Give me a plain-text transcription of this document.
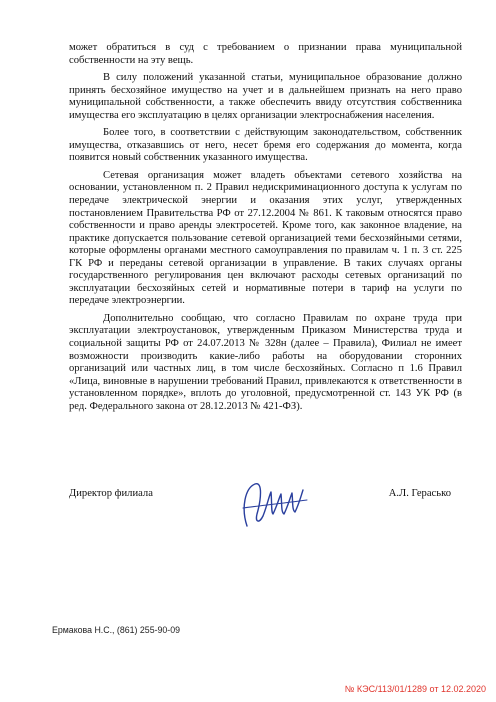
может обратиться в суд с требованием о признании права муниципальной собственности на эту вещь.

В силу положений указанной статьи, муниципальное образование должно принять бесхозяйное имущество на учет и в дальнейшем признать на него право муниципальной собственности, а также обеспечить ввиду отсутствия собственника имущества его эксплуатацию в целях организации электроснабжения населения.

Более того, в соответствии с действующим законодательством, собственник имущества, отказавшись от него, несет бремя его содержания до момента, когда появится новый собственник указанного имущества.

Сетевая организация может владеть объектами сетевого хозяйства на основании, установленном п. 2 Правил недискриминационного доступа к услугам по передаче электрической энергии и оказания этих услуг, утвержденных постановлением Правительства РФ от 27.12.2004 № 861. К таковым относятся право собственности и право аренды электросетей. Кроме того, как законное владение, на практике допускается пользование сетевой организацией теми бесхозяйными сетями, которые оформлены органами местного самоуправления по правилам ч. 1 п. 3 ст. 225 ГК РФ и переданы сетевой организации в управление. В таких случаях органы государственного регулирования цен включают расходы сетевых организаций по эксплуатации бесхозяйных сетей и нормативные потери в тариф на услуги по передаче электроэнергии.

Дополнительно сообщаю, что согласно Правилам по охране труда при эксплуатации электроустановок, утвержденным Приказом Министерства труда и социальной защиты РФ от 24.07.2013 № 328н (далее – Правила), Филиал не имеет возможности производить какие-либо работы на оборудовании сторонних организаций или частных лиц, в том числе бесхозяйных. Согласно п 1.6 Правил «Лица, виновные в нарушении требований Правил, привлекаются к ответственности в установленном порядке», вплоть до уголовной, предусмотренной ст. 143 УК РФ (в ред. Федерального закона от 28.12.2013 № 421-ФЗ).

Директор филиала	А.Л. Герасько
Ермакова Н.С., (861) 255-90-09
№ КЭС/113/01/1289 от 12.02.2020
